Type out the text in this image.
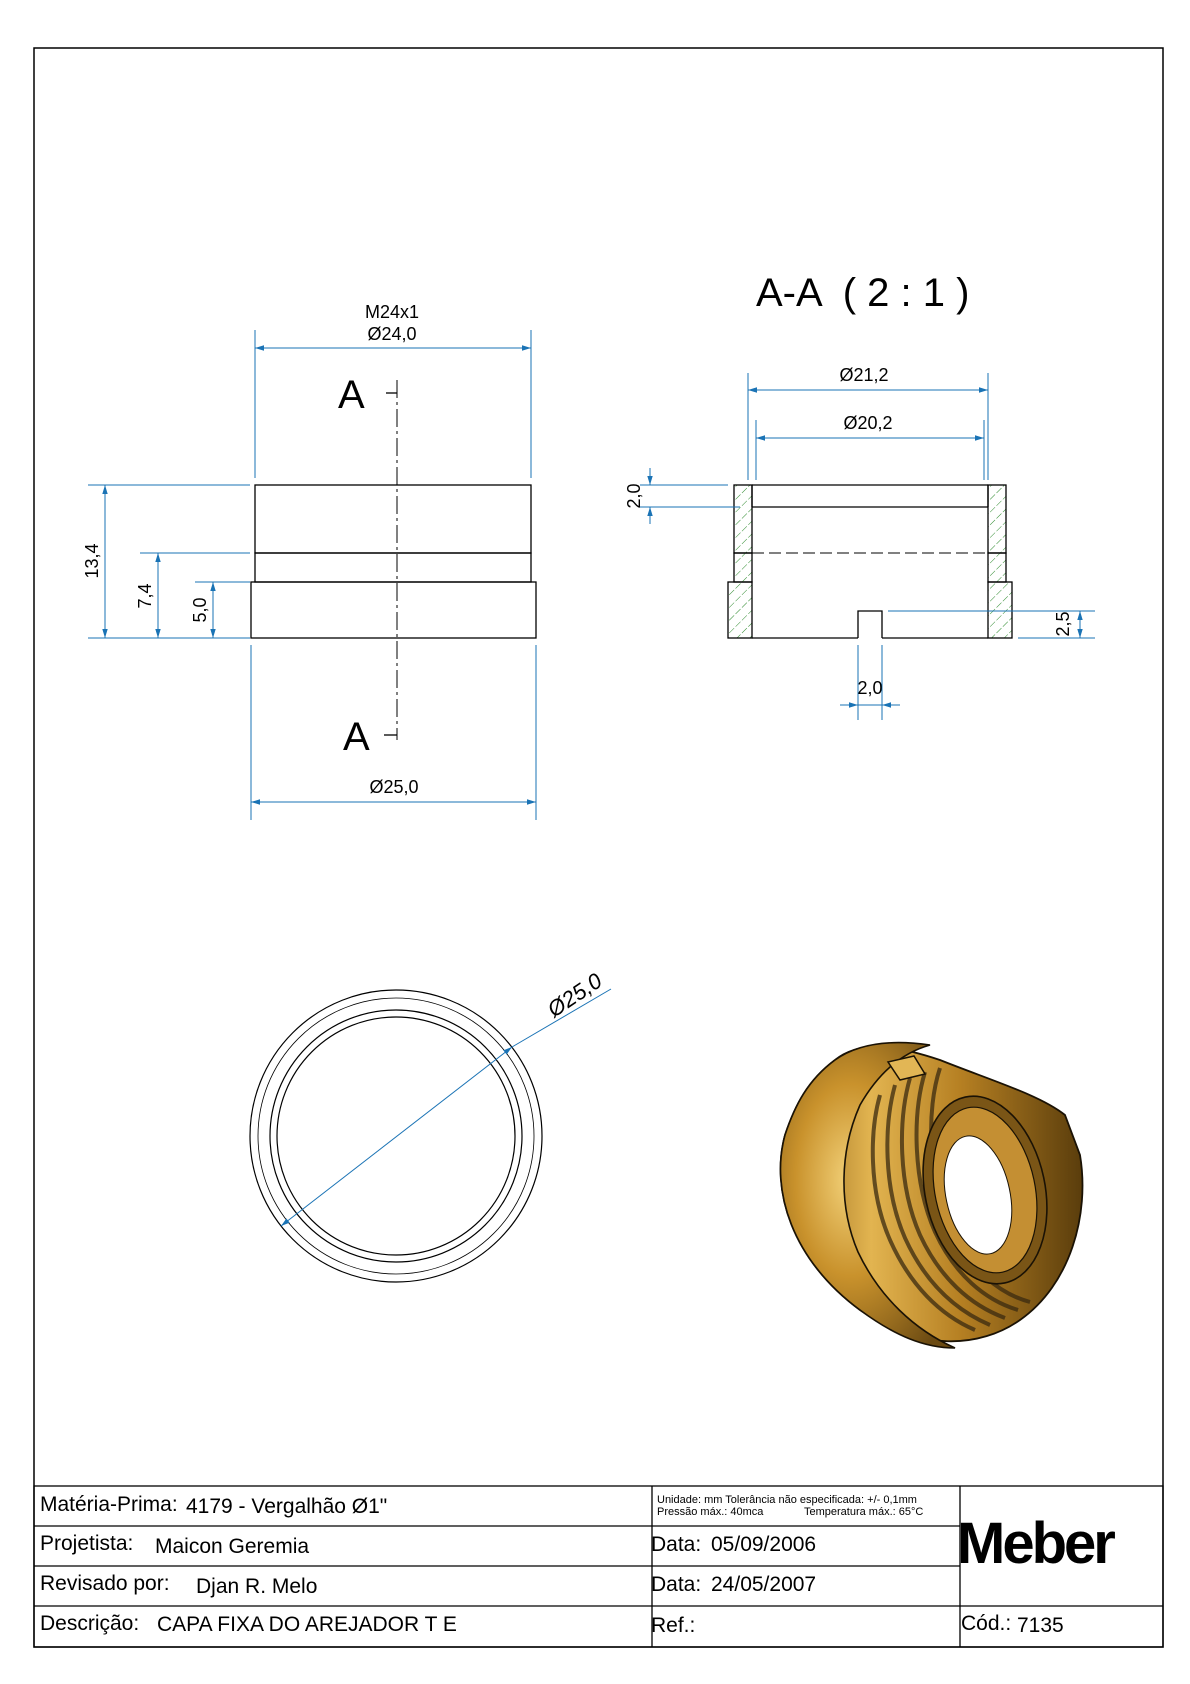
M24x1
Ø24,0
Ø25,0
13,4
7,4
5,0
A
A
A-A  ( 2 : 1 )
Ø21,2
Ø20,2
2,0
2,5
2,0
Ø25,0
Matéria-Prima: 4179 - Vergalhão Ø1"
Projetista: Maicon Geremia
Revisado por: Djan R. Melo
Descrição: CAPA FIXA DO AREJADOR T E
Unidade: mm Tolerância não especificada: +/- 0,1mm
Pressão máx.: 40mca	Temperatura máx.: 65°C
Data: 05/09/2006
Data: 24/05/2007
Ref.:
Meber
Cód.: 7135
